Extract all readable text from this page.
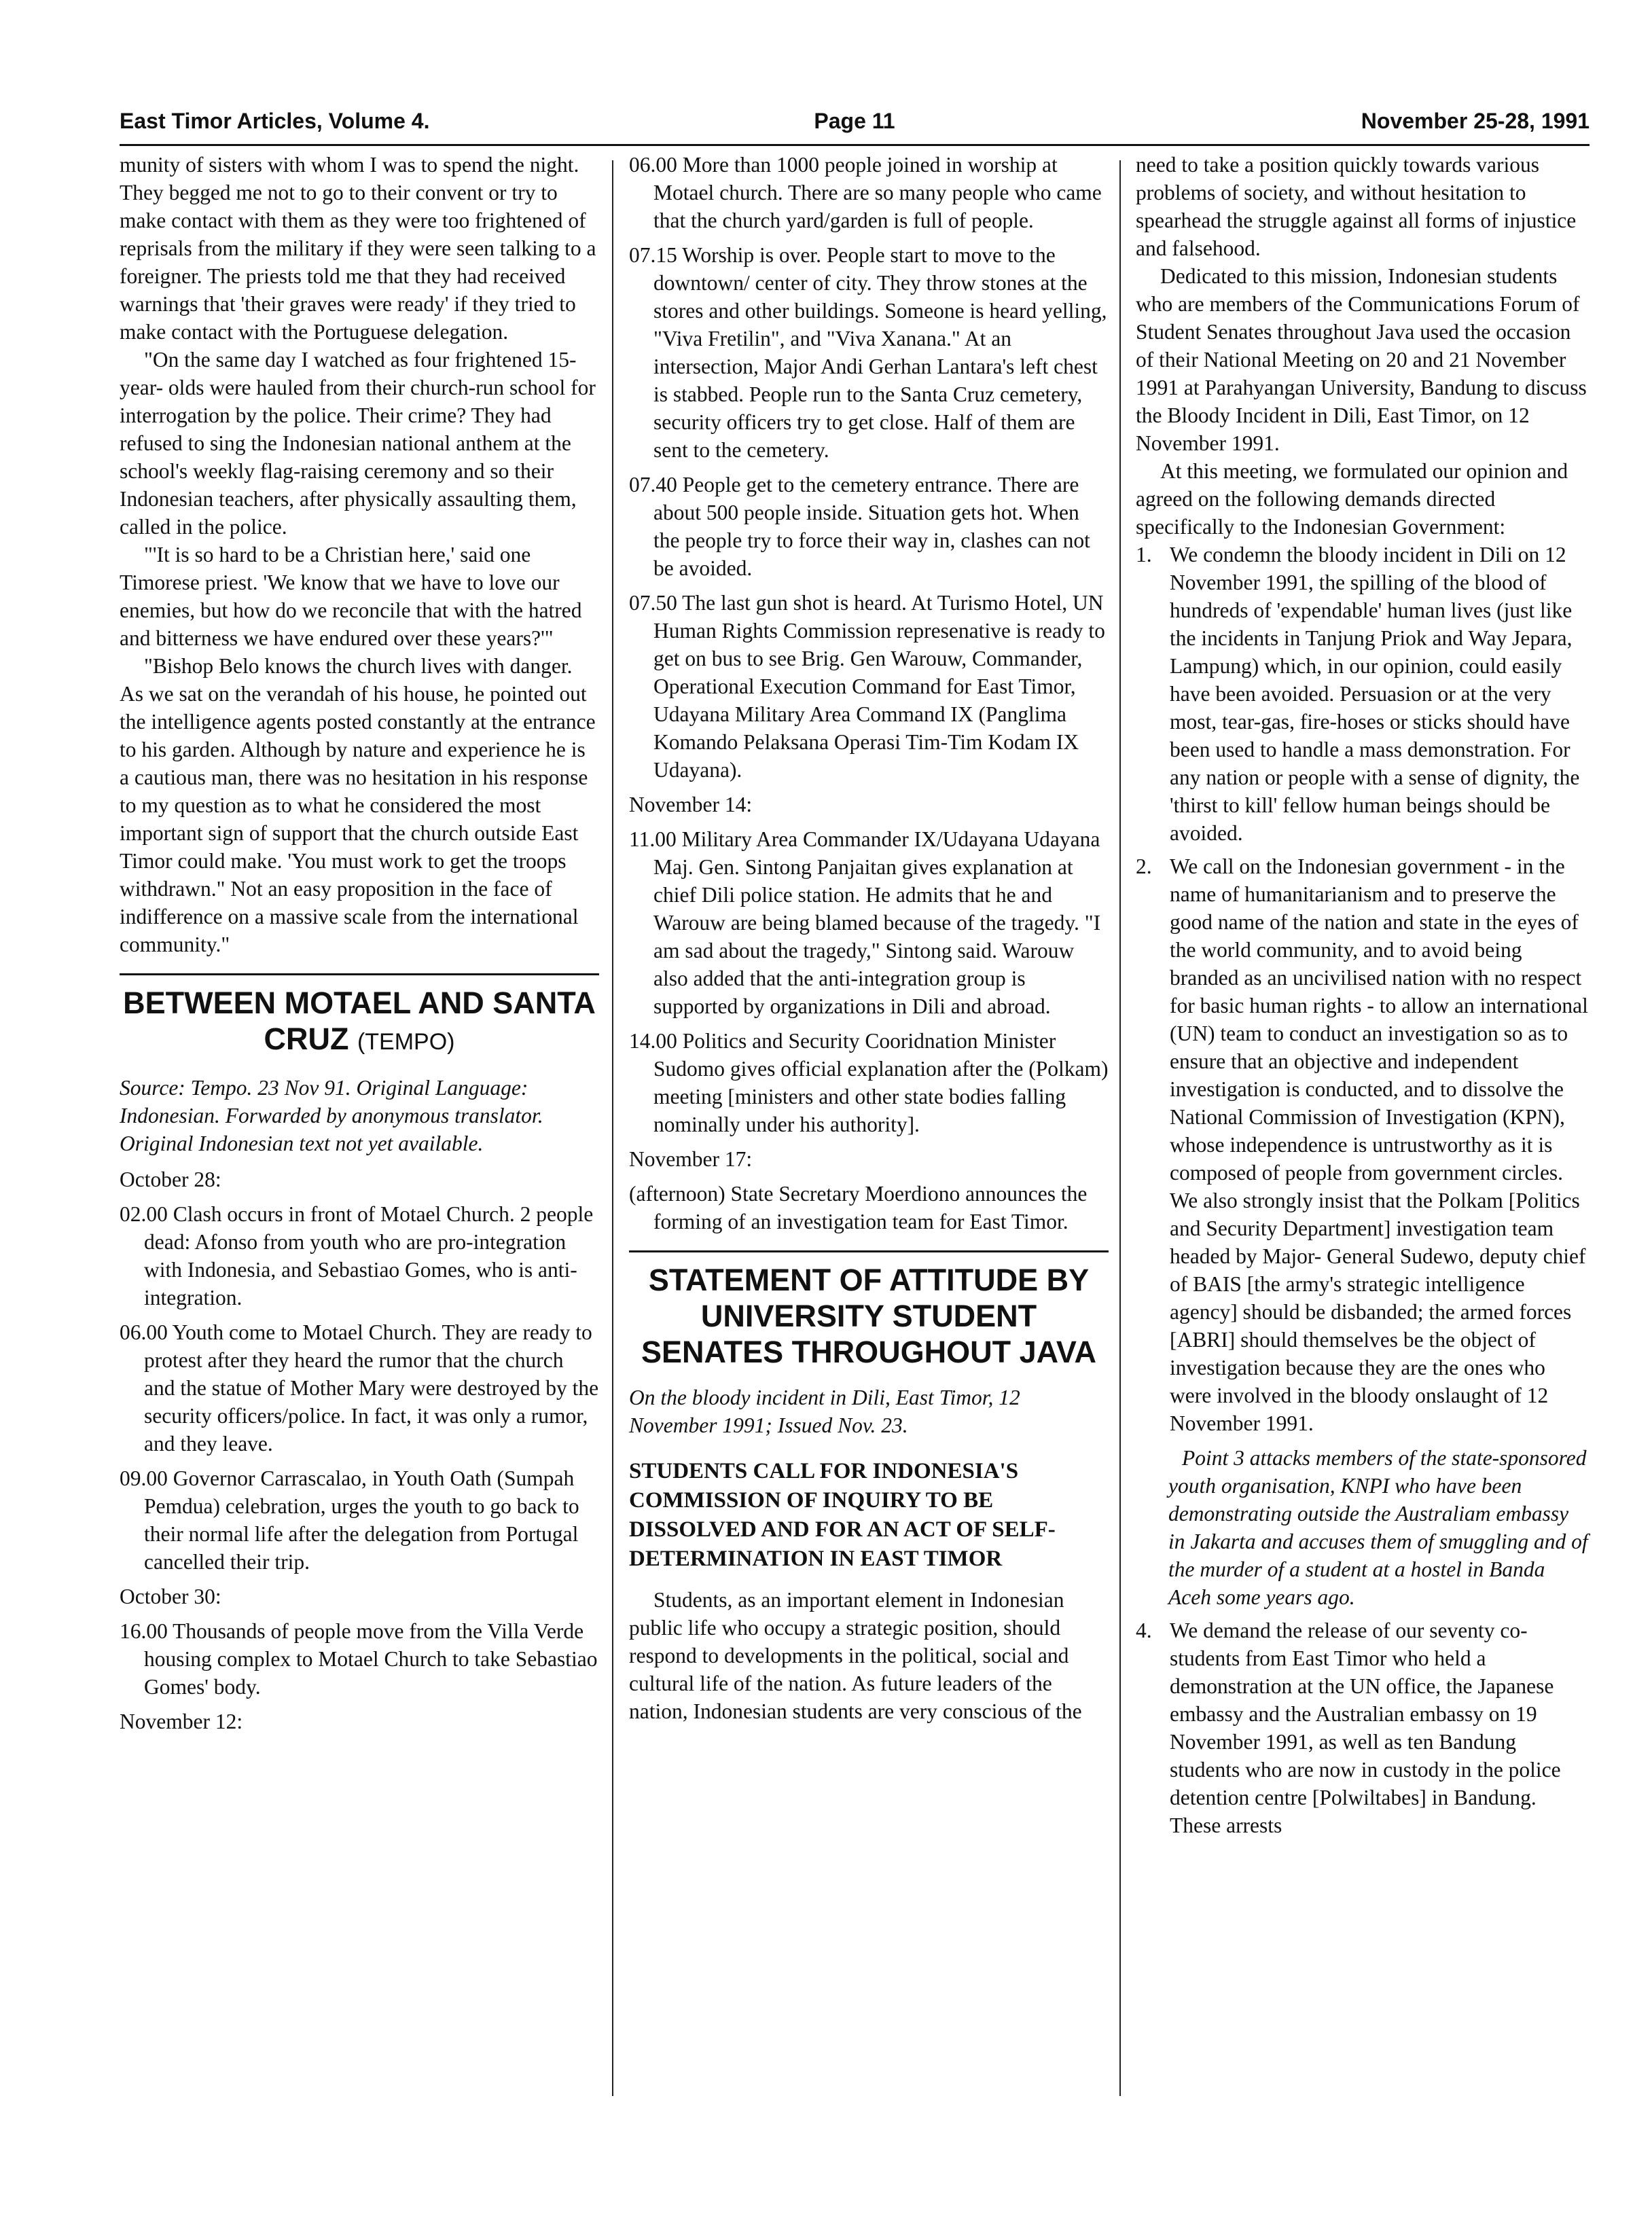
East Timor Articles, Volume 4.	Page 11	November 25-28, 1991

munity of sisters with whom I was to spend the night. They begged me not to go to their convent or try to make contact with them as they were too frightened of reprisals from the military if they were seen talking to a foreigner. The priests told me that they had received warnings that 'their graves were ready' if they tried to make contact with the Portuguese delegation.

"On the same day I watched as four frightened 15-year- olds were hauled from their church-run school for interrogation by the police. Their crime? They had refused to sing the Indonesian national anthem at the school's weekly flag-raising ceremony and so their Indonesian teachers, after physically assaulting them, called in the police.

"'It is so hard to be a Christian here,' said one Timorese priest. 'We know that we have to love our enemies, but how do we reconcile that with the hatred and bitterness we have endured over these years?'"

"Bishop Belo knows the church lives with danger. As we sat on the verandah of his house, he pointed out the intelligence agents posted constantly at the entrance to his garden. Although by nature and experience he is a cautious man, there was no hesitation in his response to my question as to what he considered the most important sign of support that the church outside East Timor could make. 'You must work to get the troops withdrawn." Not an easy proposition in the face of indifference on a massive scale from the international community."

BETWEEN MOTAEL AND SANTA CRUZ (TEMPO)

Source: Tempo. 23 Nov 91. Original Language: Indonesian. Forwarded by anonymous translator. Original Indonesian text not yet available.

October 28:

02.00 Clash occurs in front of Motael Church. 2 people dead: Afonso from youth who are pro-integration with Indonesia, and Sebastiao Gomes, who is anti-integration.

06.00 Youth come to Motael Church. They are ready to protest after they heard the rumor that the church and the statue of Mother Mary were destroyed by the security officers/police. In fact, it was only a rumor, and they leave.

09.00 Governor Carrascalao, in Youth Oath (Sumpah Pemdua) celebration, urges the youth to go back to their normal life after the delegation from Portugal cancelled their trip.

October 30:

16.00 Thousands of people move from the Villa Verde housing complex to Motael Church to take Sebastiao Gomes' body.

November 12:

06.00 More than 1000 people joined in worship at Motael church. There are so many people who came that the church yard/garden is full of people.

07.15 Worship is over. People start to move to the downtown/ center of city. They throw stones at the stores and other buildings. Someone is heard yelling, "Viva Fretilin", and "Viva Xanana." At an intersection, Major Andi Gerhan Lantara's left chest is stabbed. People run to the Santa Cruz cemetery, security officers try to get close. Half of them are sent to the cemetery.

07.40 People get to the cemetery entrance. There are about 500 people inside. Situation gets hot. When the people try to force their way in, clashes can not be avoided.

07.50 The last gun shot is heard. At Turismo Hotel, UN Human Rights Commission represenative is ready to get on bus to see Brig. Gen Warouw, Commander, Operational Execution Command for East Timor, Udayana Military Area Command IX (Panglima Komando Pelaksana Operasi Tim-Tim Kodam IX Udayana).

November 14:

11.00 Military Area Commander IX/Udayana Udayana Maj. Gen. Sintong Panjaitan gives explanation at chief Dili police station. He admits that he and Warouw are being blamed because of the tragedy. "I am sad about the tragedy," Sintong said. Warouw also added that the anti-integration group is supported by organizations in Dili and abroad.

14.00 Politics and Security Cooridnation Minister Sudomo gives official explanation after the (Polkam) meeting [ministers and other state bodies falling nominally under his authority].

November 17:

(afternoon) State Secretary Moerdiono announces the forming of an investigation team for East Timor.

STATEMENT OF ATTITUDE BY UNIVERSITY STUDENT SENATES THROUGHOUT JAVA

On the bloody incident in Dili, East Timor, 12 November 1991; Issued Nov. 23.

STUDENTS CALL FOR INDONESIA'S COMMISSION OF INQUIRY TO BE DISSOLVED AND FOR AN ACT OF SELF-DETERMINATION IN EAST TIMOR

Students, as an important element in Indonesian public life who occupy a strategic position, should respond to developments in the political, social and cultural life of the nation. As future leaders of the nation, Indonesian students are very conscious of the

need to take a position quickly towards various problems of society, and without hesitation to spearhead the struggle against all forms of injustice and falsehood.

Dedicated to this mission, Indonesian students who are members of the Communications Forum of Student Senates throughout Java used the occasion of their National Meeting on 20 and 21 November 1991 at Parahyangan University, Bandung to discuss the Bloody Incident in Dili, East Timor, on 12 November 1991.

At this meeting, we formulated our opinion and agreed on the following demands directed specifically to the Indonesian Government:

1. We condemn the bloody incident in Dili on 12 November 1991, the spilling of the blood of hundreds of 'expendable' human lives (just like the incidents in Tanjung Priok and Way Jepara, Lampung) which, in our opinion, could easily have been avoided. Persuasion or at the very most, tear-gas, fire-hoses or sticks should have been used to handle a mass demonstration. For any nation or people with a sense of dignity, the 'thirst to kill' fellow human beings should be avoided.
2. We call on the Indonesian government - in the name of humanitarianism and to preserve the good name of the nation and state in the eyes of the world community, and to avoid being branded as an uncivilised nation with no respect for basic human rights - to allow an international (UN) team to conduct an investigation so as to ensure that an objective and independent investigation is conducted, and to dissolve the National Commission of Investigation (KPN), whose independence is untrustworthy as it is composed of people from government circles. We also strongly insist that the Polkam [Politics and Security Department] investigation team headed by Major- General Sudewo, deputy chief of BAIS [the army's strategic intelligence agency] should be disbanded; the armed forces [ABRI] should themselves be the object of investigation because they are the ones who were involved in the bloody onslaught of 12 November 1991.

Point 3 attacks members of the state-sponsored youth organisation, KNPI who have been demonstrating outside the Australiam embassy in Jakarta and accuses them of smuggling and of the murder of a student at a hostel in Banda Aceh some years ago.

4. We demand the release of our seventy co-students from East Timor who held a demonstration at the UN office, the Japanese embassy and the Australian embassy on 19 November 1991, as well as ten Bandung students who are now in custody in the police detention centre [Polwiltabes] in Bandung. These arrests
